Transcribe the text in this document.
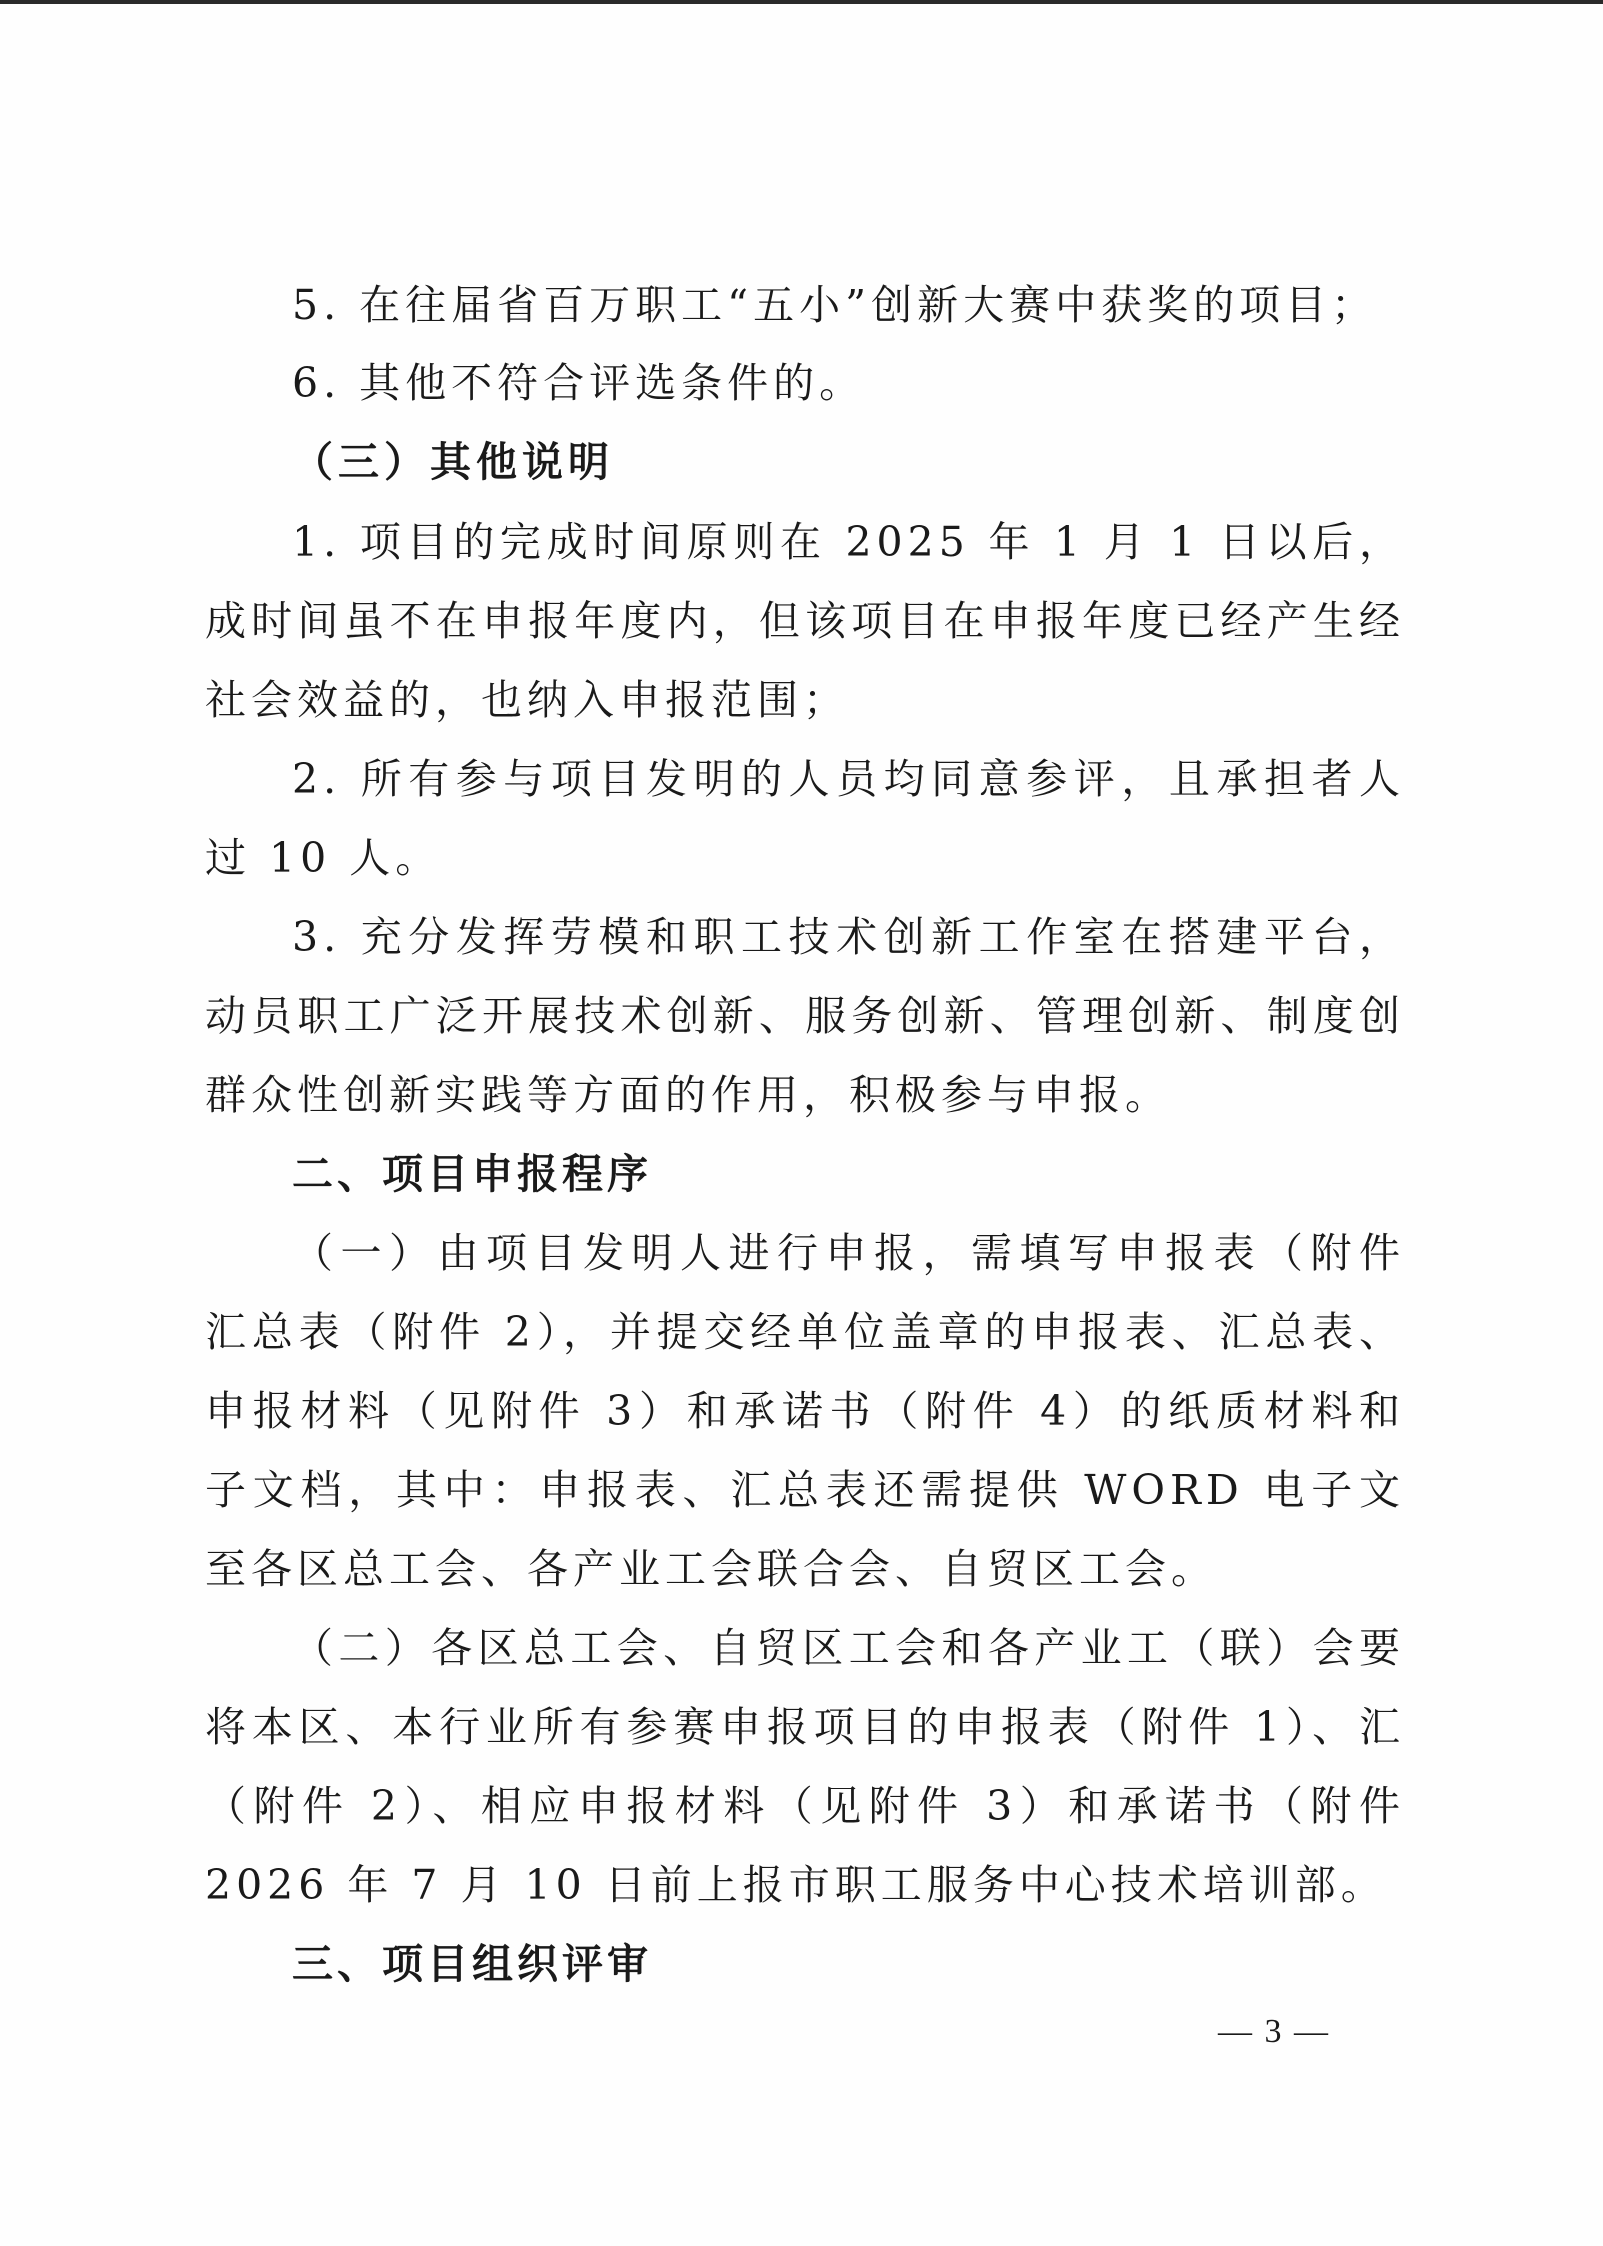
5. 在往届省百万职工“五小”创新大赛中获奖的项目；
6. 其他不符合评选条件的。
（三）其他说明
1. 项目的完成时间原则在 2025 年 1 月 1 日以后，
成时间虽不在申报年度内，但该项目在申报年度已经产生经
社会效益的，也纳入申报范围；
2. 所有参与项目发明的人员均同意参评，且承担者人
过 10 人。
3. 充分发挥劳模和职工技术创新工作室在搭建平台，
动员职工广泛开展技术创新、服务创新、管理创新、制度创
群众性创新实践等方面的作用，积极参与申报。
二、项目申报程序
（一）由项目发明人进行申报，需填写申报表（附件
汇总表（附件 2），并提交经单位盖章的申报表、汇总表、
申报材料（见附件 3）和承诺书（附件 4）的纸质材料和
子文档，其中：申报表、汇总表还需提供 WORD 电子文
至各区总工会、各产业工会联合会、自贸区工会。
（二）各区总工会、自贸区工会和各产业工（联）会要
将本区、本行业所有参赛申报项目的申报表（附件 1）、汇
（附件 2）、相应申报材料（见附件 3）和承诺书（附件
2026 年 7 月 10 日前上报市职工服务中心技术培训部。
三、项目组织评审
— 3 —
